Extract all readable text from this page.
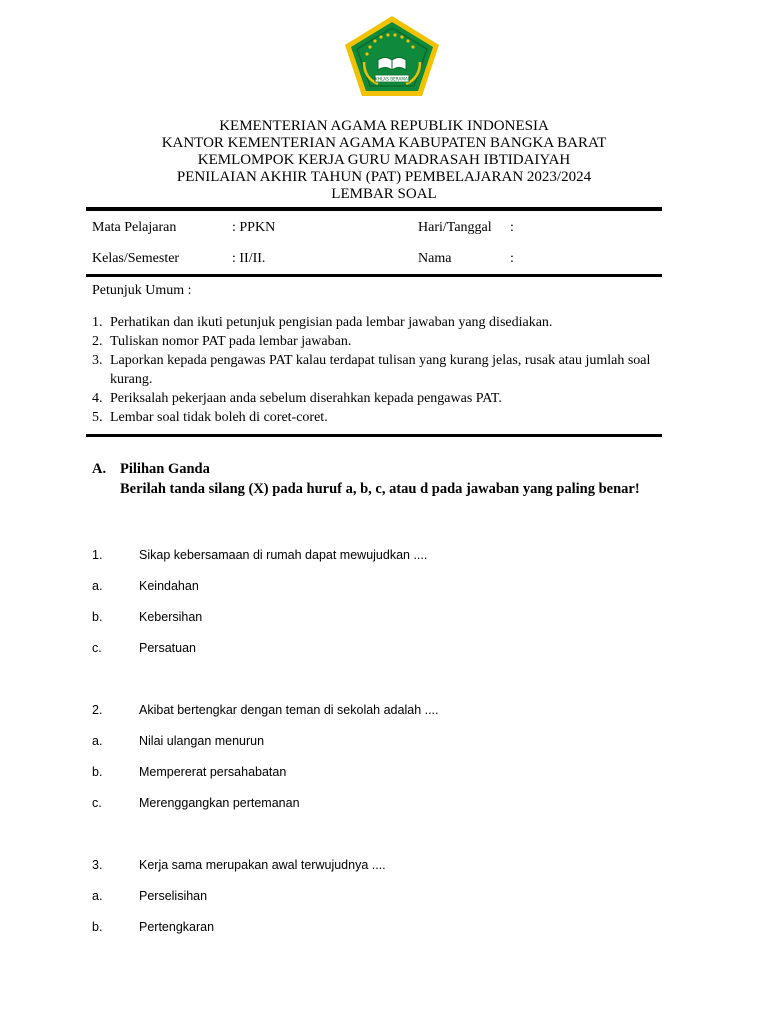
IKHLAS BERAMAL
KEMENTERIAN AGAMA REPUBLIK INDONESIA
KANTOR KEMENTERIAN AGAMA KABUPATEN BANGKA BARAT
KEMLOMPOK KERJA GURU MADRASAH IBTIDAIYAH
PENILAIAN AKHIR TAHUN (PAT) PEMBELAJARAN 2023/2024
LEMBAR SOAL
Mata Pelajaran	: PPKN	Hari/Tanggal :
Kelas/Semester	: II/II.	Nama	:
Petunjuk Umum :
1. Perhatikan dan ikuti petunjuk pengisian pada lembar jawaban yang disediakan.
2. Tuliskan nomor PAT pada lembar jawaban.
3. Laporkan kepada pengawas PAT kalau terdapat tulisan yang kurang jelas, rusak atau jumlah soal kurang.
4. Periksalah pekerjaan anda sebelum diserahkan kepada pengawas PAT.
5. Lembar soal tidak boleh di coret-coret.
A. Pilihan Ganda
Berilah tanda silang (X) pada huruf a, b, c, atau d pada jawaban yang paling benar!
1.	Sikap kebersamaan di rumah dapat mewujudkan ....
a.	Keindahan
b.	Kebersihan
c.	Persatuan
2.	Akibat bertengkar dengan teman di sekolah adalah ....
a.	Nilai ulangan menurun
b.	Mempererat persahabatan
c.	Merenggangkan pertemanan
3.	Kerja sama merupakan awal terwujudnya ....
a.	Perselisihan
b.	Pertengkaran
